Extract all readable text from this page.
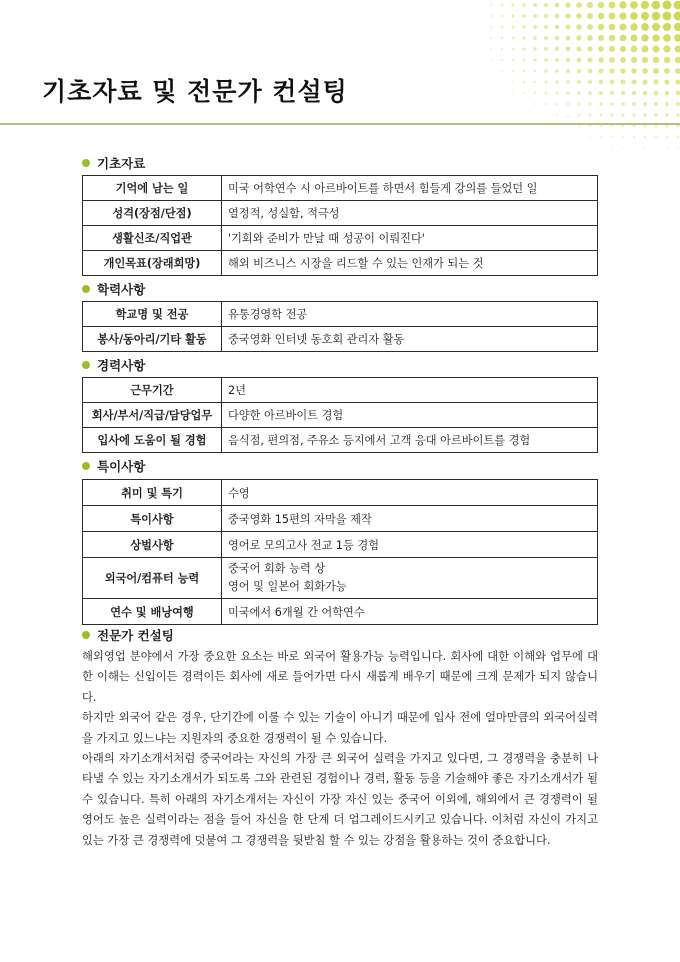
기초자료 및 전문가 컨설팅
기초자료
기억에 남는 일	미국 어학연수 시 아르바이트를 하면서 힘들게 강의를 들었던 일
성격(장점/단점)	열정적, 성실함, 적극성
생활신조/직업관	'기회와 준비가 만날 때 성공이 이뤄진다'
개인목표(장래희망)	해외 비즈니스 시장을 리드할 수 있는 인재가 되는 것
학력사항
학교명 및 전공	유통경영학 전공
봉사/동아리/기타 활동	중국영화 인터넷 동호회 관리자 활동
경력사항
근무기간	2년
회사/부서/직급/담당업무	다양한 아르바이트 경험
입사에 도움이 될 경험	음식점, 편의점, 주유소 등지에서 고객 응대 아르바이트를 경험
특이사항
취미 및 특기	수영
특이사항	중국영화 15편의 자막을 제작
상벌사항	영어로 모의고사 전교 1등 경험
외국어/컴퓨터 능력	중국어 회화 능력 상
영어 및 일본어 회화가능

연수 및 배낭여행	미국에서 6개월 간 어학연수
전문가 컨설팅

해외영업 분야에서 가장 중요한 요소는 바로 외국어 활용가능 능력입니다. 회사에 대한 이해와 업무에 대한 이해는 신입이든 경력이든 회사에 새로 들어가면 다시 새롭게 배우기 때문에 크게 문제가 되지 않습니다.

하지만 외국어 같은 경우, 단기간에 이룰 수 있는 기술이 아니기 때문에 입사 전에 얼마만큼의 외국어실력을 가지고 있느냐는 지원자의 중요한 경쟁력이 될 수 있습니다.

아래의 자기소개서처럼 중국어라는 자신의 가장 큰 외국어 실력을 가지고 있다면, 그 경쟁력을 충분히 나타낼 수 있는 자기소개서가 되도록 그와 관련된 경험이나 경력, 활동 등을 기술해야 좋은 자기소개서가 될 수 있습니다. 특히 아래의 자기소개서는 자신이 가장 자신 있는 중국어 이외에, 해외에서 큰 경쟁력이 될 영어도 높은 실력이라는 점을 들어 자신을 한 단계 더 업그레이드시키고 있습니다. 이처럼 자신이 가지고 있는 가장 큰 경쟁력에 덧붙여 그 경쟁력을 뒷받침 할 수 있는 강점을 활용하는 것이 중요합니다.
